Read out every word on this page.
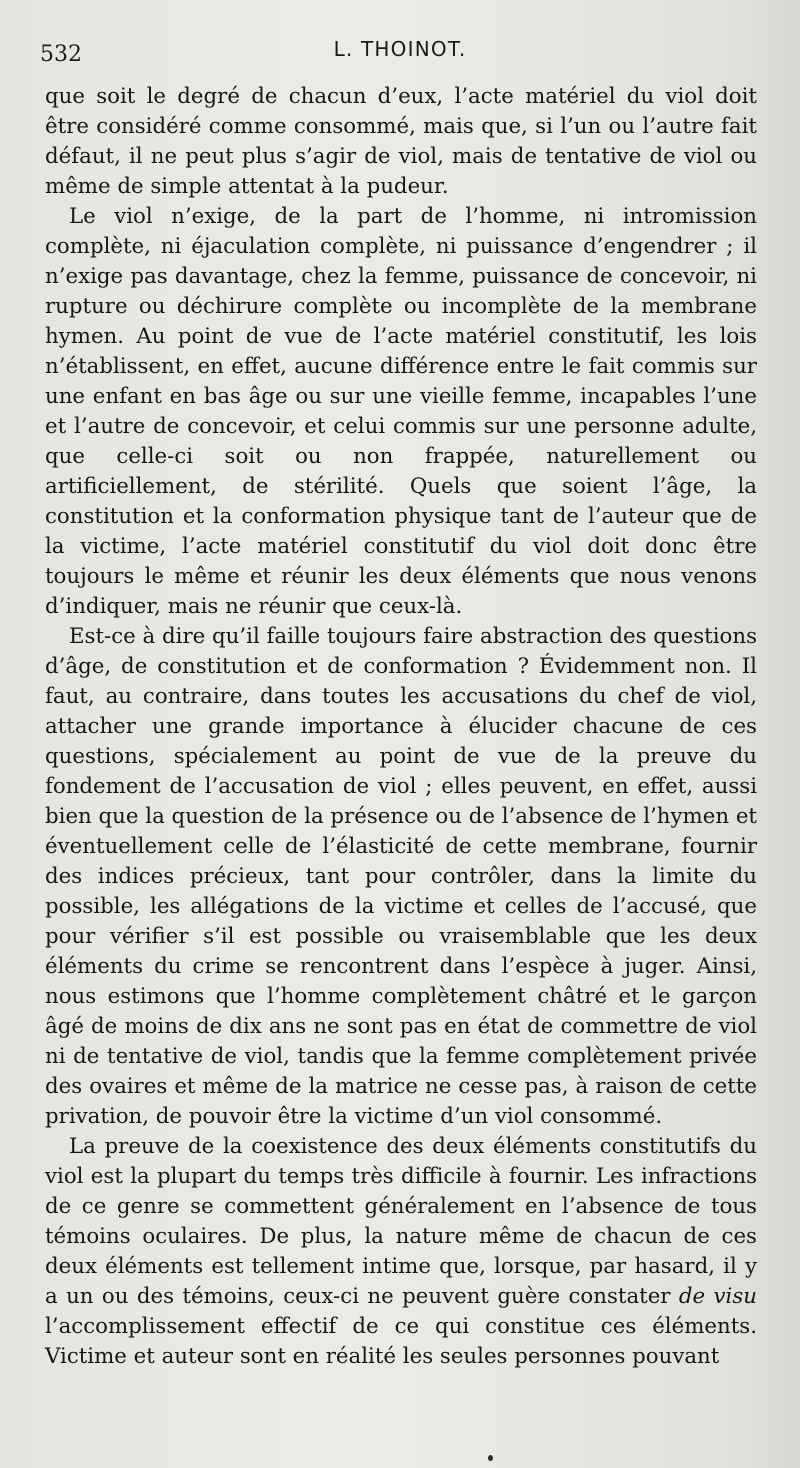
532	L. THOINOT.

que soit le degré de chacun d’eux, l’acte matériel du viol doit être considéré comme consommé, mais que, si l’un ou l’autre fait défaut, il ne peut plus s’agir de viol, mais de tentative de viol ou même de simple attentat à la pudeur.

Le viol n’exige, de la part de l’homme, ni intromission complète, ni éjaculation complète, ni puissance d’engendrer ; il n’exige pas davantage, chez la femme, puissance de concevoir, ni rupture ou déchirure complète ou incomplète de la membrane hymen. Au point de vue de l’acte matériel constitutif, les lois n’établissent, en effet, aucune différence entre le fait commis sur une enfant en bas âge ou sur une vieille femme, incapables l’une et l’autre de concevoir, et celui commis sur une personne adulte, que celle-ci soit ou non frappée, naturellement ou artificiellement, de stérilité. Quels que soient l’âge, la constitution et la conformation physique tant de l’auteur que de la victime, l’acte matériel constitutif du viol doit donc être toujours le même et réunir les deux éléments que nous venons d’indiquer, mais ne réunir que ceux-là.

Est-ce à dire qu’il faille toujours faire abstraction des questions d’âge, de constitution et de conformation ? Évidemment non. Il faut, au contraire, dans toutes les accusations du chef de viol, attacher une grande importance à élucider chacune de ces questions, spécialement au point de vue de la preuve du fondement de l’accusation de viol ; elles peuvent, en effet, aussi bien que la question de la présence ou de l’absence de l’hymen et éventuellement celle de l’élasticité de cette membrane, fournir des indices précieux, tant pour contrôler, dans la limite du possible, les allégations de la victime et celles de l’accusé, que pour vérifier s’il est possible ou vraisemblable que les deux éléments du crime se rencontrent dans l’espèce à juger. Ainsi, nous estimons que l’homme complètement châtré et le garçon âgé de moins de dix ans ne sont pas en état de commettre de viol ni de tentative de viol, tandis que la femme complètement privée des ovaires et même de la matrice ne cesse pas, à raison de cette privation, de pouvoir être la victime d’un viol consommé.

La preuve de la coexistence des deux éléments constitutifs du viol est la plupart du temps très difficile à fournir. Les infractions de ce genre se commettent généralement en l’absence de tous témoins oculaires. De plus, la nature même de chacun de ces deux éléments est tellement intime que, lorsque, par hasard, il y a un ou des témoins, ceux-ci ne peuvent guère constater de visu l’accomplissement effectif de ce qui constitue ces éléments. Victime et auteur sont en réalité les seules personnes pouvant
